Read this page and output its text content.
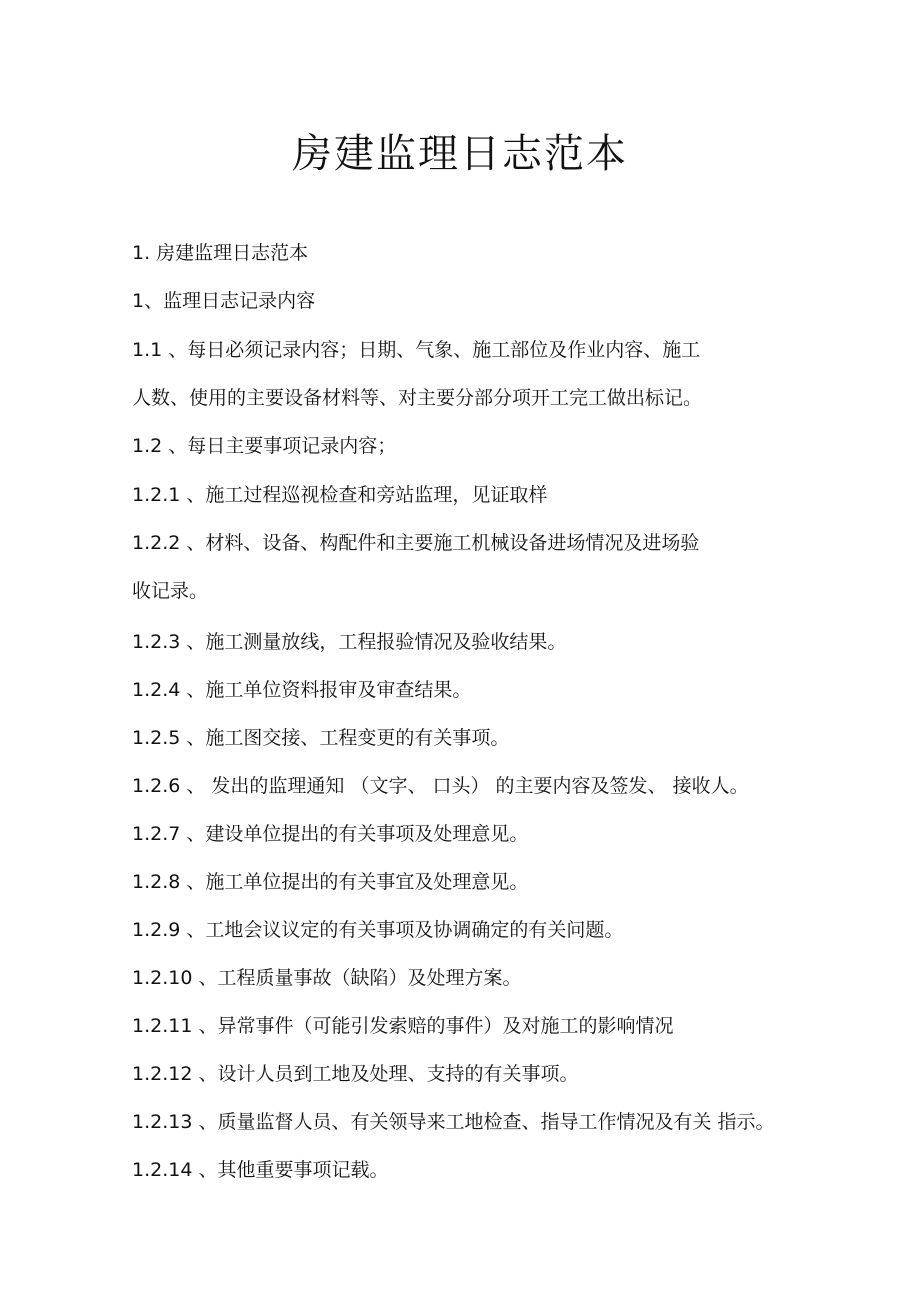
房建监理日志范本
1. 房建监理日志范本
1、监理日志记录内容
1.1 、每日必须记录内容；日期、气象、施工部位及作业内容、施工
人数、使用的主要设备材料等、对主要分部分项开工完工做出标记。
1.2 、每日主要事项记录内容；
1.2.1 、施工过程巡视检查和旁站监理，见证取样
1.2.2 、材料、设备、构配件和主要施工机械设备进场情况及进场验
收记录。
1.2.3 、施工测量放线，工程报验情况及验收结果。
1.2.4 、施工单位资料报审及审查结果。
1.2.5 、施工图交接、工程变更的有关事项。
1.2.6 、 发出的监理通知 （文字、 口头） 的主要内容及签发、 接收人。
1.2.7 、建设单位提出的有关事项及处理意见。
1.2.8 、施工单位提出的有关事宜及处理意见。
1.2.9 、工地会议议定的有关事项及协调确定的有关问题。
1.2.10 、工程质量事故（缺陷）及处理方案。
1.2.11 、异常事件（可能引发索赔的事件）及对施工的影响情况
1.2.12 、设计人员到工地及处理、支持的有关事项。
1.2.13 、质量监督人员、有关领导来工地检查、指导工作情况及有关 指示。
1.2.14 、其他重要事项记载。
